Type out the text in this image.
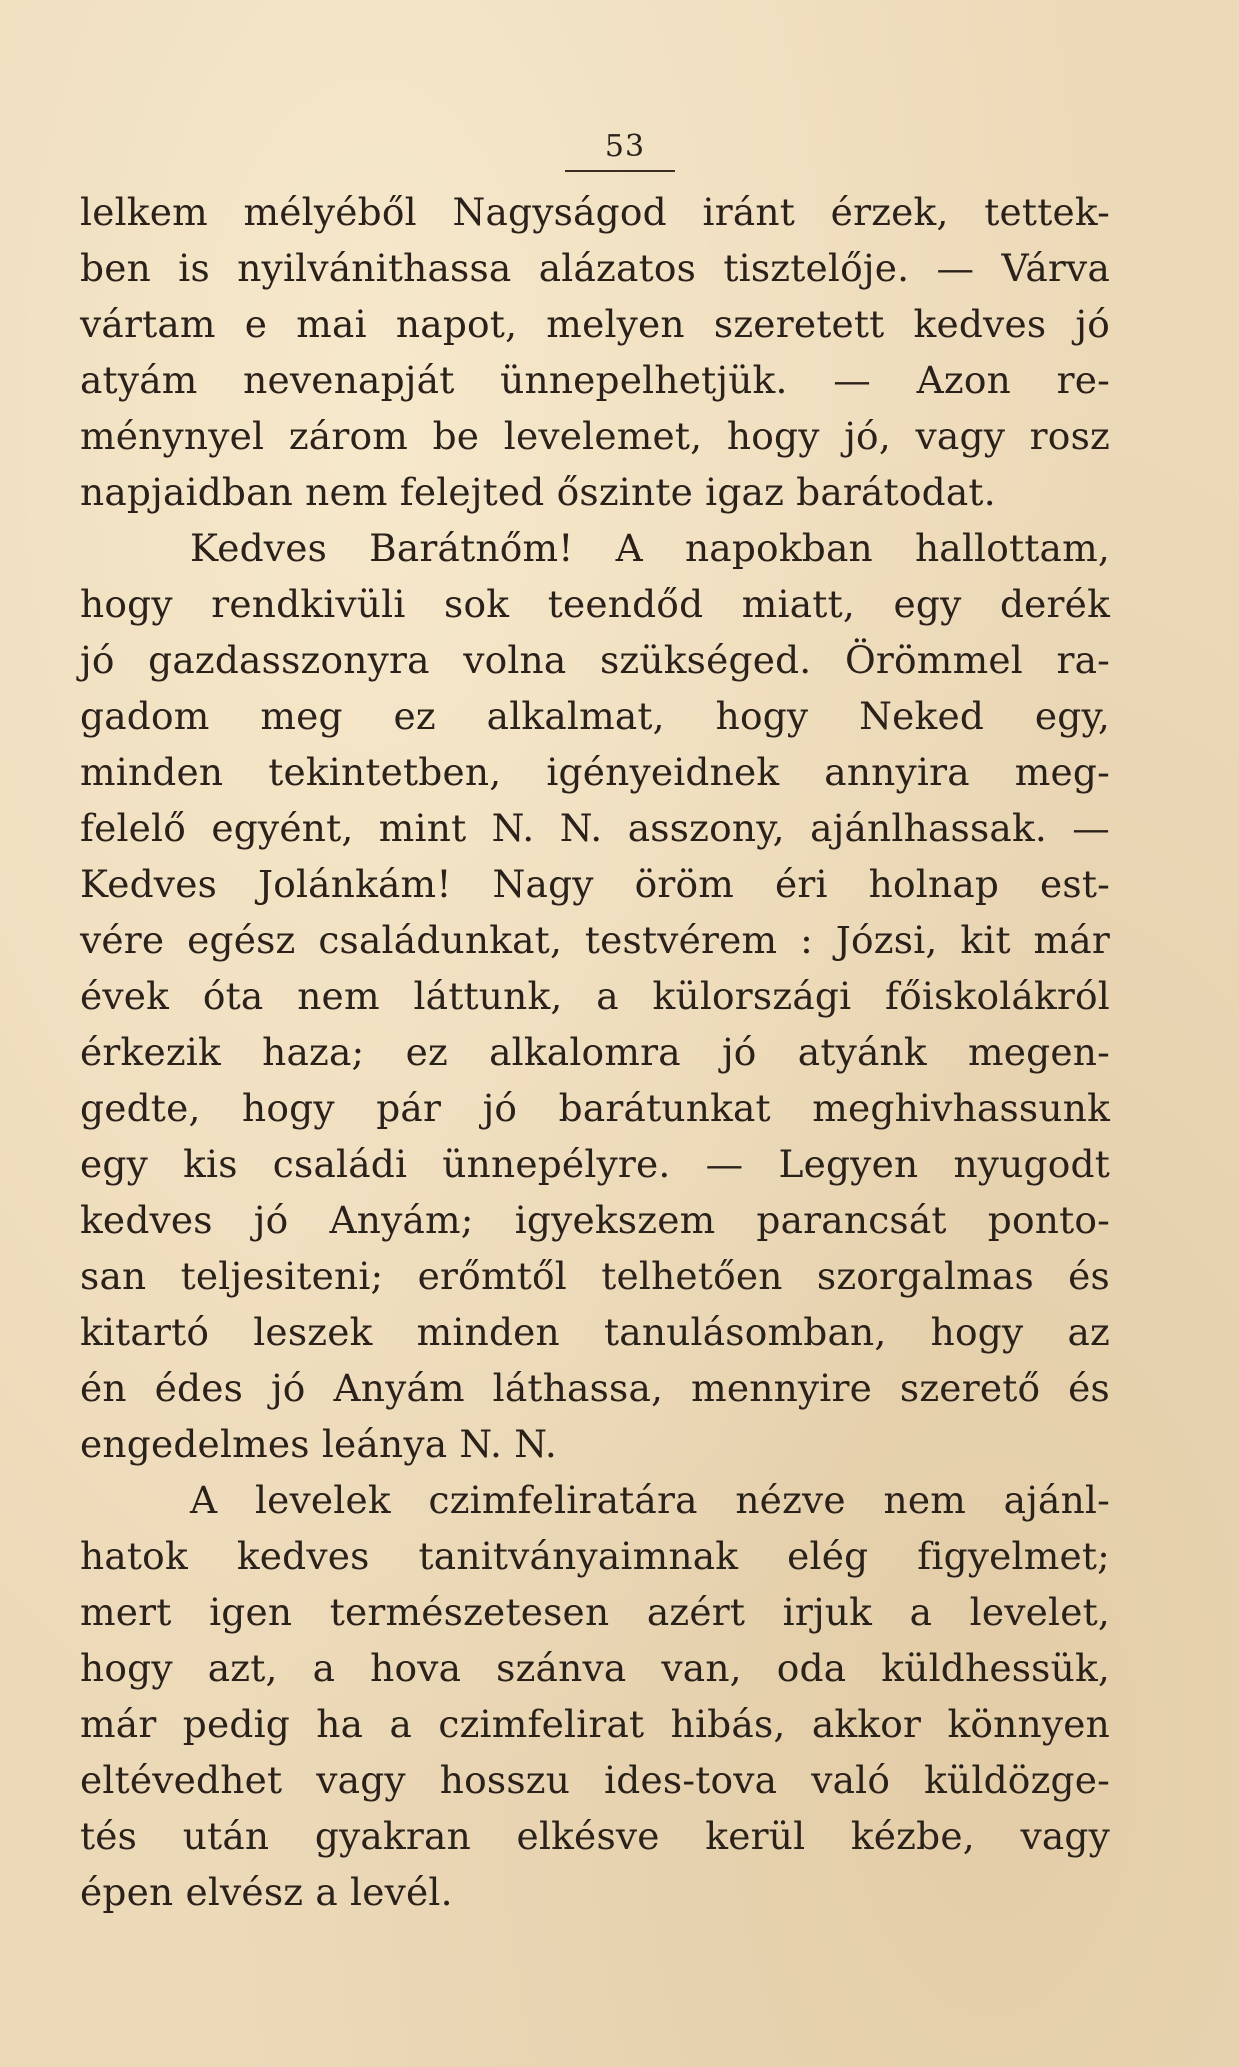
53
lelkem mélyéből Nagyságod iránt érzek, tettek-
ben is nyilvánithassa alázatos tisztelője. — Várva
vártam e mai napot, melyen szeretett kedves jó
atyám nevenapját ünnepelhetjük. — Azon re-
ménynyel zárom be levelemet, hogy jó, vagy rosz
napjaidban nem felejted őszinte igaz barátodat.
Kedves Barátnőm! A napokban hallottam,
hogy rendkivüli sok teendőd miatt, egy derék
jó gazdasszonyra volna szükséged. Örömmel ra-
gadom meg ez alkalmat, hogy Neked egy,
minden tekintetben, igényeidnek annyira meg-
felelő egyént, mint N. N. asszony, ajánlhassak. —
Kedves Jolánkám! Nagy öröm éri holnap est-
vére egész családunkat, testvérem : Józsi, kit már
évek óta nem láttunk, a külországi főiskolákról
érkezik haza; ez alkalomra jó atyánk megen-
gedte, hogy pár jó barátunkat meghivhassunk
egy kis családi ünnepélyre. — Legyen nyugodt
kedves jó Anyám; igyekszem parancsát ponto-
san teljesiteni; erőmtől telhetően szorgalmas és
kitartó leszek minden tanulásomban, hogy az
én édes jó Anyám láthassa, mennyire szerető és
engedelmes leánya N. N.
A levelek czimfeliratára nézve nem ajánl-
hatok kedves tanitványaimnak elég figyelmet;
mert igen természetesen azért irjuk a levelet,
hogy azt, a hova szánva van, oda küldhessük,
már pedig ha a czimfelirat hibás, akkor könnyen
eltévedhet vagy hosszu ides-tova való küldözge-
tés után gyakran elkésve kerül kézbe, vagy
épen elvész a levél.
